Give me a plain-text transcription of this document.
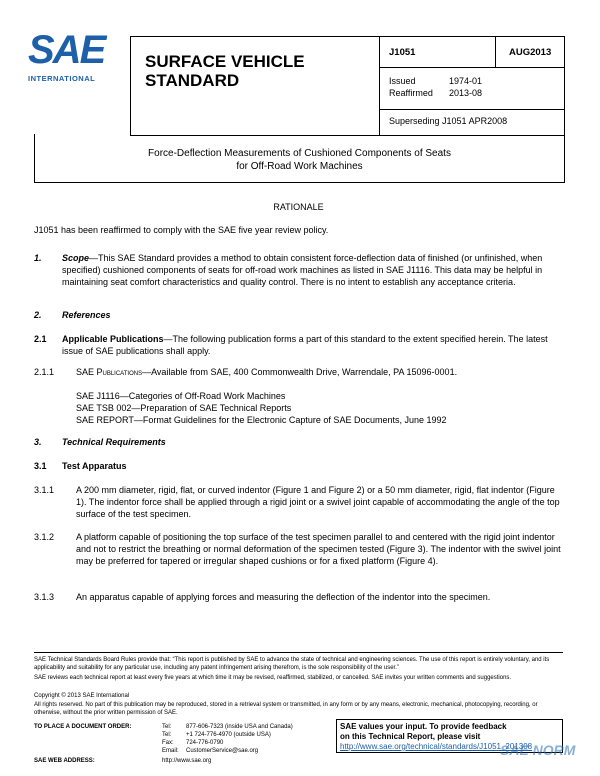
SAE
INTERNATIONAL
SURFACE VEHICLE
STANDARD
J1051	AUG2013
Issued	1974-01
Reaffirmed 2013-08
Superseding J1051 APR2008
Force-Deflection Measurements of Cushioned Components of Seats
for Off-Road Work Machines
RATIONALE
J1051 has been reaffirmed to comply with the SAE five year review policy.
1. Scope—This SAE Standard provides a method to obtain consistent force-deflection data of finished (or unfinished, when specified) cushioned components of seats for off-road work machines as listed in SAE J1116. This data may be helpful in maintaining seat comfort characteristics and quality control. There is no intent to establish any acceptance criteria.
2. References
2.1 Applicable Publications—The following publication forms a part of this standard to the extent specified herein. The latest issue of SAE publications shall apply.
2.1.1 SAE Publications—Available from SAE, 400 Commonwealth Drive, Warrendale, PA 15096-0001.
SAE J1116—Categories of Off-Road Work Machines
SAE TSB 002—Preparation of SAE Technical Reports
SAE REPORT—Format Guidelines for the Electronic Capture of SAE Documents, June 1992
3. Technical Requirements
3.1 Test Apparatus
3.1.1 A 200 mm diameter, rigid, flat, or curved indentor (Figure 1 and Figure 2) or a 50 mm diameter, rigid, flat indentor (Figure 1). The indentor force shall be applied through a rigid joint or a swivel joint capable of accommodating the angle of the top surface of the test specimen.
3.1.2 A platform capable of positioning the top surface of the test specimen parallel to and centered with the rigid joint indentor and not to restrict the breathing or normal deformation of the specimen tested (Figure 3). The indentor with the swivel joint may be preferred for tapered or irregular shaped cushions or for a fixed platform (Figure 4).
3.1.3 An apparatus capable of applying forces and measuring the deflection of the indentor into the specimen.
SAE Technical Standards Board Rules provide that: “This report is published by SAE to advance the state of technical and engineering sciences. The use of this report is entirely voluntary, and its applicability and suitability for any particular use, including any patent infringement arising therefrom, is the sole responsibility of the user.”
SAE reviews each technical report at least every five years at which time it may be revised, reaffirmed, stabilized, or cancelled. SAE invites your written comments and suggestions.
Copyright © 2013 SAE International
All rights reserved. No part of this publication may be reproduced, stored in a retrieval system or transmitted, in any form or by any means, electronic, mechanical, photocopying, recording, or otherwise, without the prior written permission of SAE.
TO PLACE A DOCUMENT ORDER:	Tel: 877-606-7323 (inside USA and Canada)
Tel: +1 724-776-4970 (outside USA)
Fax: 724-776-0790
Email: CustomerService@sae.org
SAE WEB ADDRESS:	http://www.sae.org
SAE values your input. To provide feedback
on this Technical Report, please visit
http://www.sae.org/technical/standards/J1051_201308
SAE NORM
